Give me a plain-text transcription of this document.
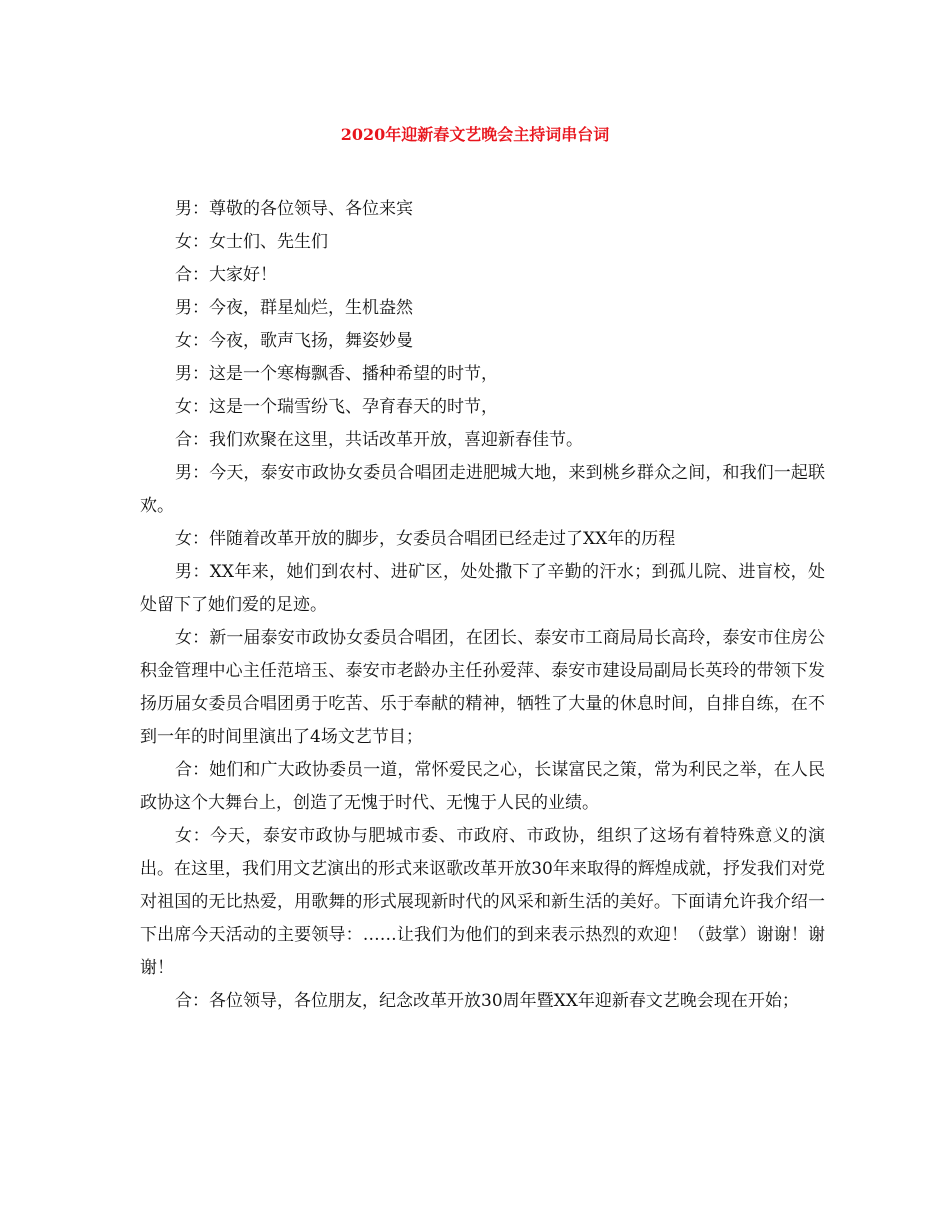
2020年迎新春文艺晚会主持词串台词

男：尊敬的各位领导、各位来宾

女：女士们、先生们

合：大家好！

男：今夜，群星灿烂，生机盎然

女：今夜，歌声飞扬，舞姿妙曼

男：这是一个寒梅飘香、播种希望的时节，

女：这是一个瑞雪纷飞、孕育春天的时节，

合：我们欢聚在这里，共话改革开放，喜迎新春佳节。

男：今天，泰安市政协女委员合唱团走进肥城大地，来到桃乡群众之间，和我们一起联欢。

女：伴随着改革开放的脚步，女委员合唱团已经走过了XX年的历程

男：XX年来，她们到农村、进矿区，处处撒下了辛勤的汗水；到孤儿院、进盲校，处处留下了她们爱的足迹。

女：新一届泰安市政协女委员合唱团，在团长、泰安市工商局局长高玲，泰安市住房公积金管理中心主任范培玉、泰安市老龄办主任孙爱萍、泰安市建设局副局长英玲的带领下发扬历届女委员合唱团勇于吃苦、乐于奉献的精神，牺牲了大量的休息时间，自排自练，在不到一年的时间里演出了4场文艺节目；

合：她们和广大政协委员一道，常怀爱民之心，长谋富民之策，常为利民之举，在人民政协这个大舞台上，创造了无愧于时代、无愧于人民的业绩。

女：今天，泰安市政协与肥城市委、市政府、市政协，组织了这场有着特殊意义的演出。在这里，我们用文艺演出的形式来讴歌改革开放30年来取得的辉煌成就，抒发我们对党对祖国的无比热爱，用歌舞的形式展现新时代的风采和新生活的美好。下面请允许我介绍一下出席今天活动的主要领导：……让我们为他们的到来表示热烈的欢迎！（鼓掌）谢谢！谢谢！

合：各位领导，各位朋友，纪念改革开放30周年暨XX年迎新春文艺晚会现在开始；
